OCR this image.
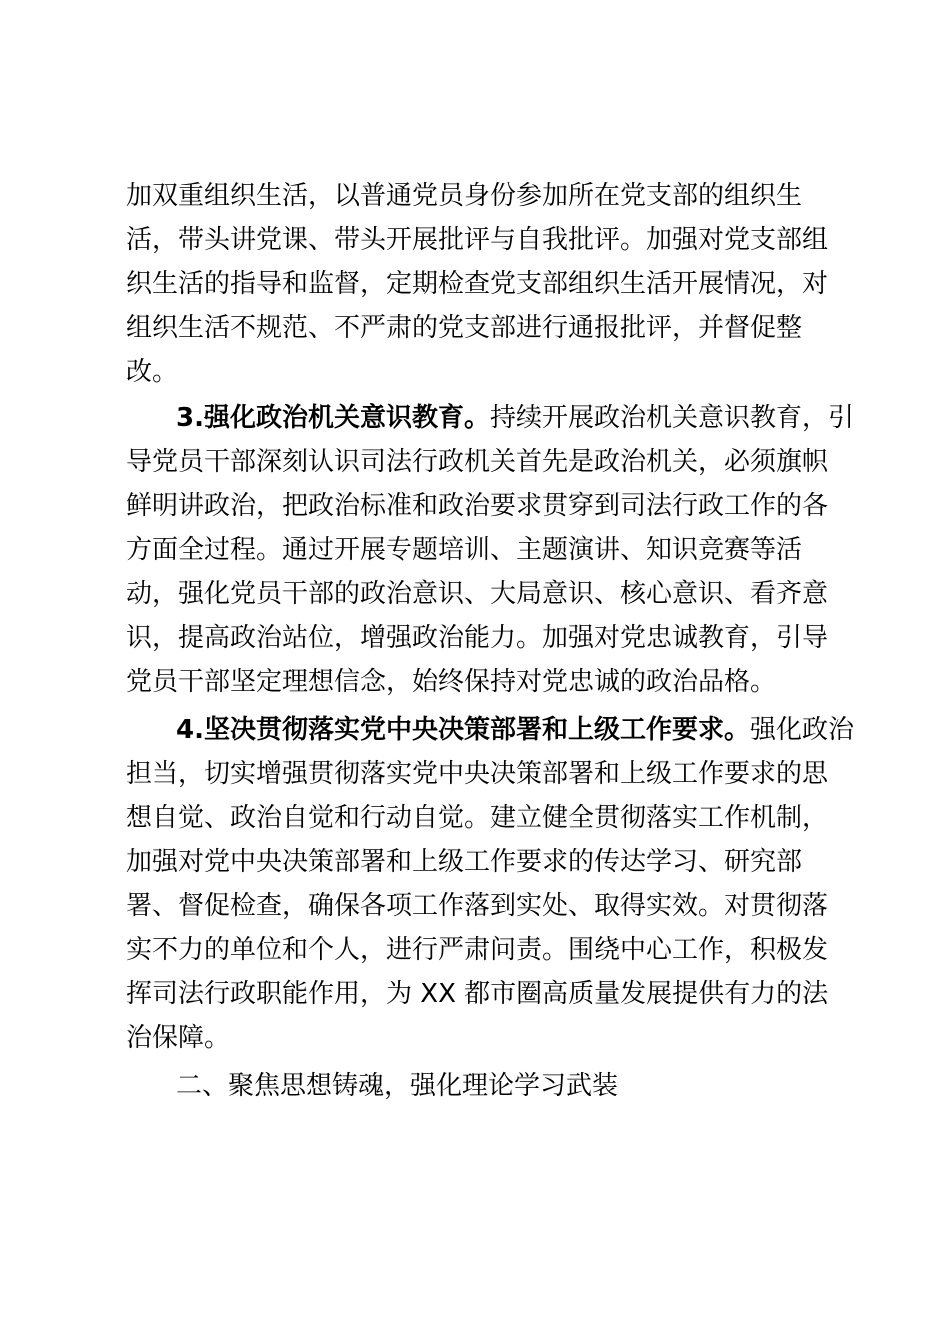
加双重组织生活，以普通党员身份参加所在党支部的组织生
活，带头讲党课、带头开展批评与自我批评。加强对党支部组
织生活的指导和监督，定期检查党支部组织生活开展情况，对
组织生活不规范、不严肃的党支部进行通报批评，并督促整
改。
3.强化政治机关意识教育。持续开展政治机关意识教育，引
导党员干部深刻认识司法行政机关首先是政治机关，必须旗帜
鲜明讲政治，把政治标准和政治要求贯穿到司法行政工作的各
方面全过程。通过开展专题培训、主题演讲、知识竞赛等活
动，强化党员干部的政治意识、大局意识、核心意识、看齐意
识，提高政治站位，增强政治能力。加强对党忠诚教育，引导
党员干部坚定理想信念，始终保持对党忠诚的政治品格。
4.坚决贯彻落实党中央决策部署和上级工作要求。强化政治
担当，切实增强贯彻落实党中央决策部署和上级工作要求的思
想自觉、政治自觉和行动自觉。建立健全贯彻落实工作机制，
加强对党中央决策部署和上级工作要求的传达学习、研究部
署、督促检查，确保各项工作落到实处、取得实效。对贯彻落
实不力的单位和个人，进行严肃问责。围绕中心工作，积极发
挥司法行政职能作用，为 XX 都市圈高质量发展提供有力的法
治保障。
二、聚焦思想铸魂，强化理论学习武装
